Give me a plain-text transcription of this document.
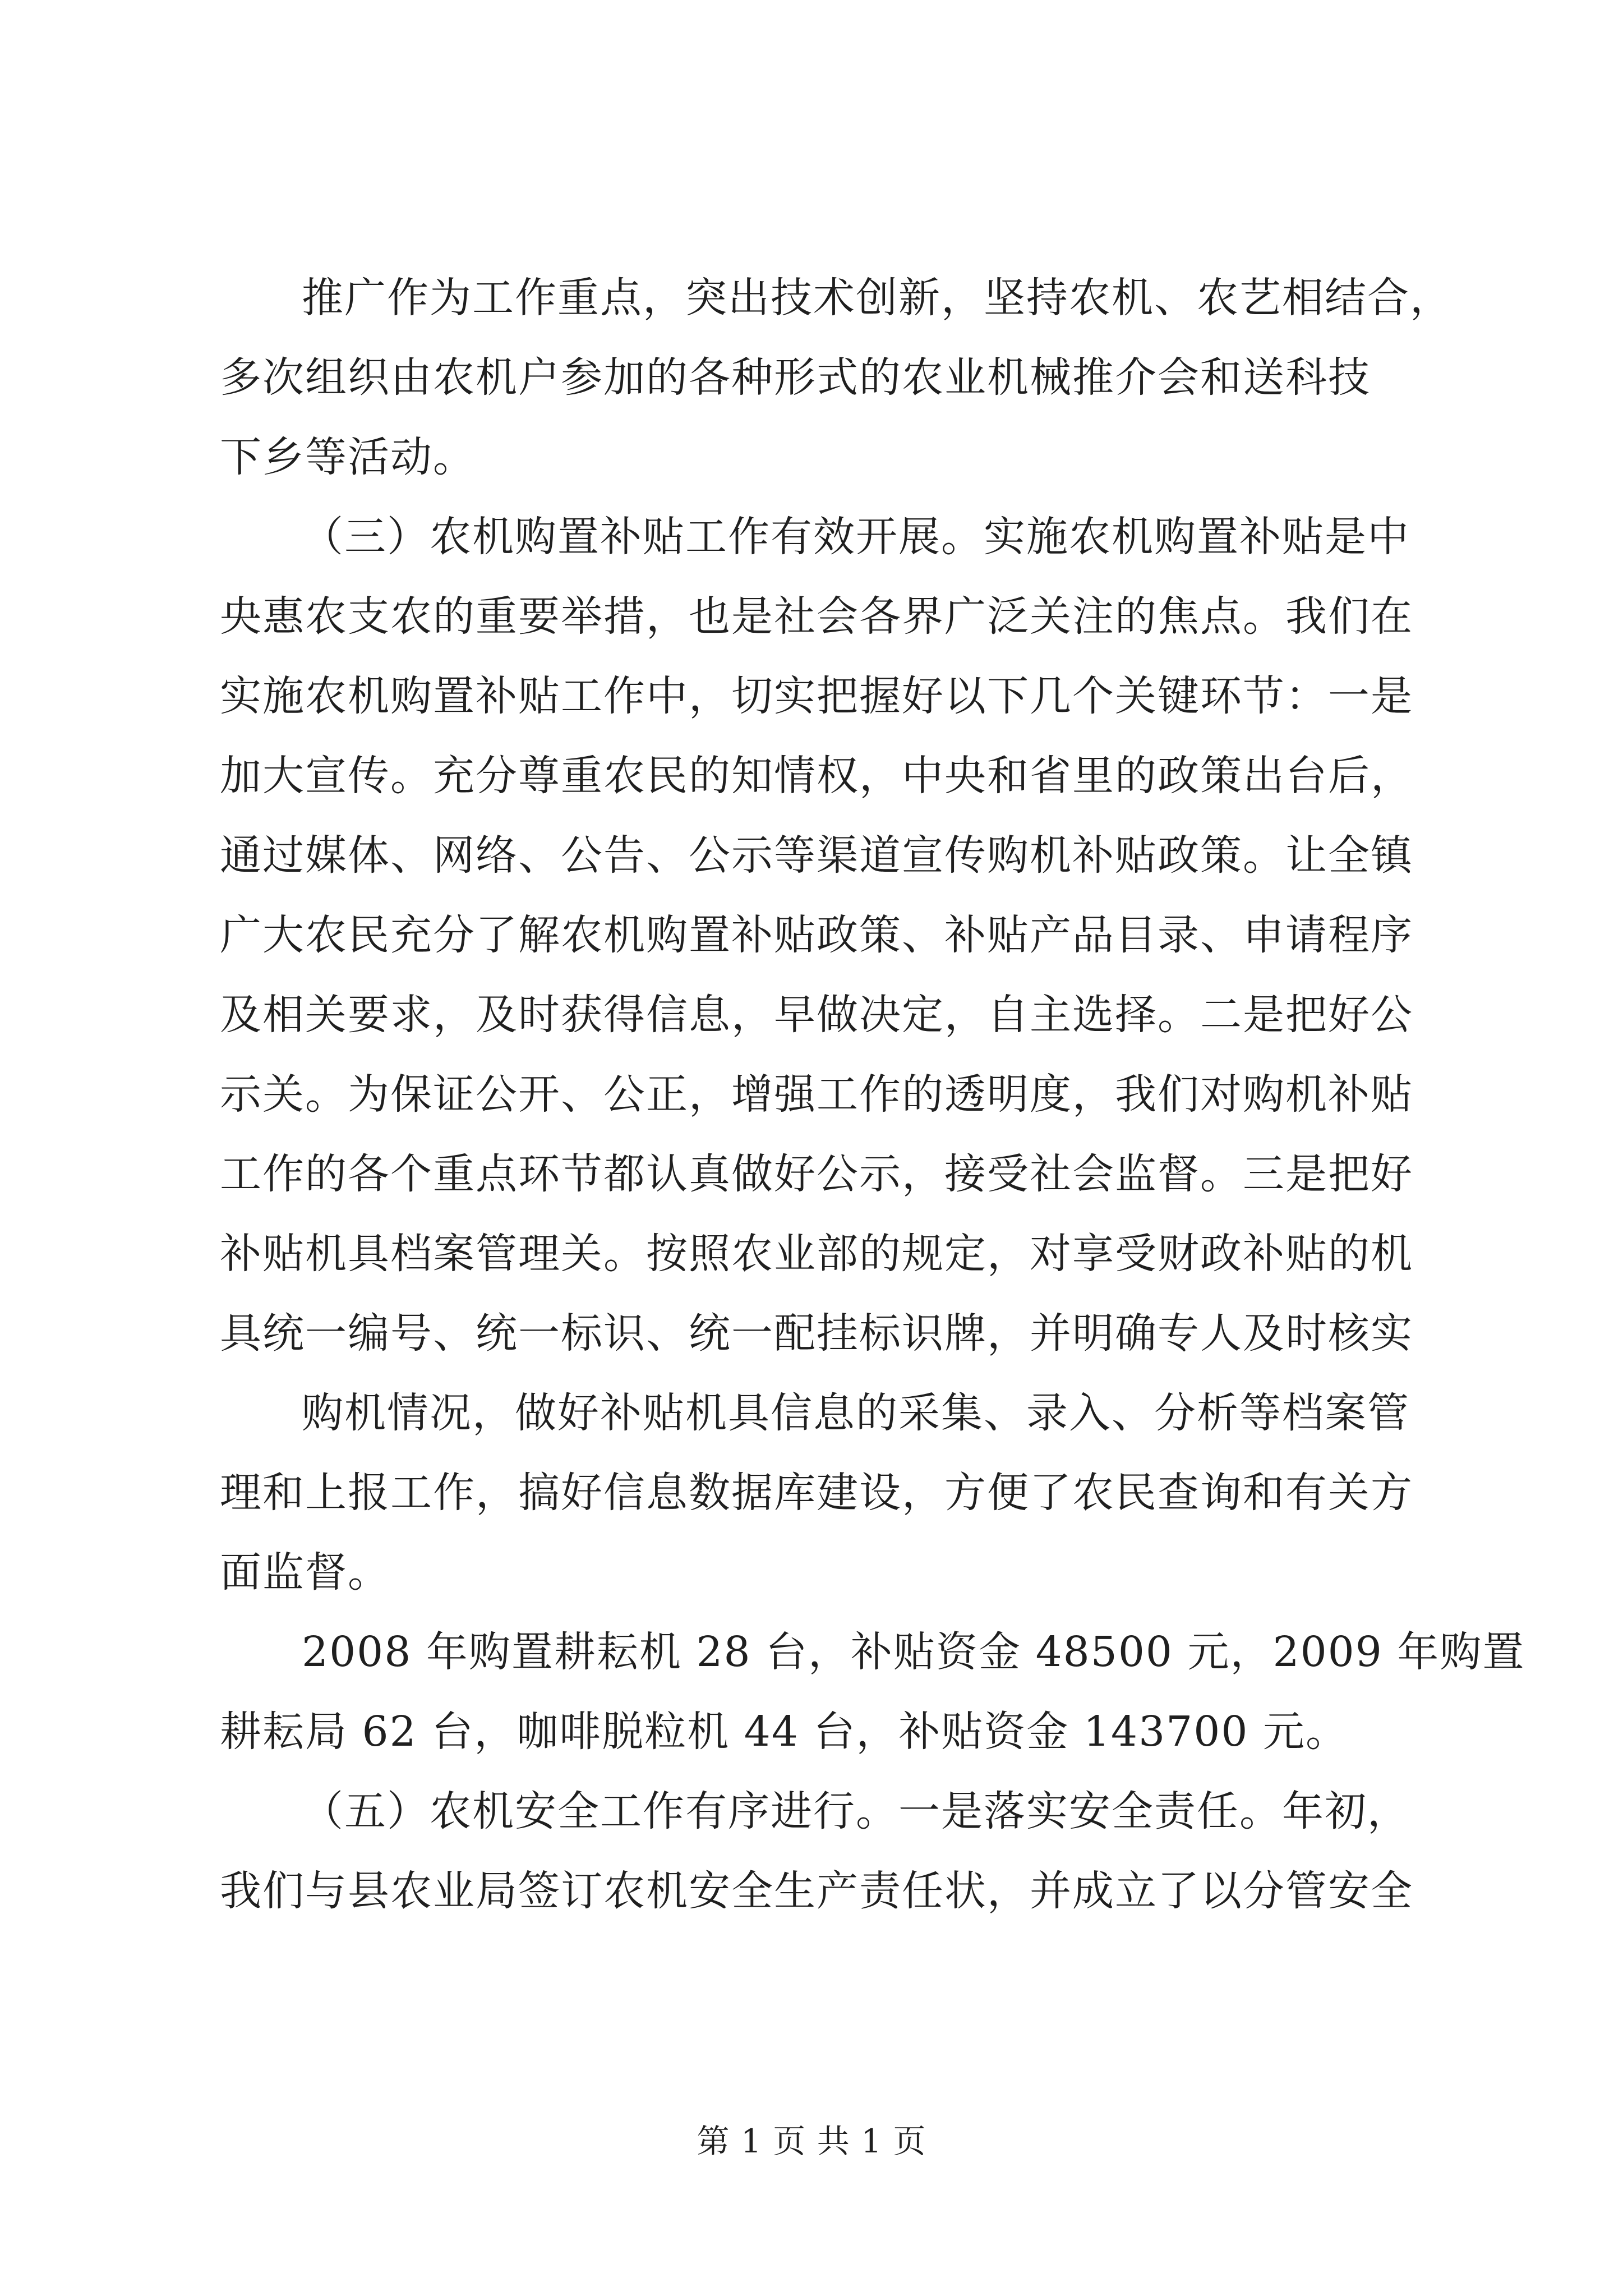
推广作为工作重点，突出技术创新，坚持农机、农艺相结合，
多次组织由农机户参加的各种形式的农业机械推介会和送科技
下乡等活动。
（三）农机购置补贴工作有效开展。实施农机购置补贴是中
央惠农支农的重要举措，也是社会各界广泛关注的焦点。我们在
实施农机购置补贴工作中，切实把握好以下几个关键环节：一是
加大宣传。充分尊重农民的知情权，中央和省里的政策出台后，
通过媒体、网络、公告、公示等渠道宣传购机补贴政策。让全镇
广大农民充分了解农机购置补贴政策、补贴产品目录、申请程序
及相关要求，及时获得信息，早做决定，自主选择。二是把好公
示关。为保证公开、公正，增强工作的透明度，我们对购机补贴
工作的各个重点环节都认真做好公示，接受社会监督。三是把好
补贴机具档案管理关。按照农业部的规定，对享受财政补贴的机
具统一编号、统一标识、统一配挂标识牌，并明确专人及时核实
购机情况，做好补贴机具信息的采集、录入、分析等档案管
理和上报工作，搞好信息数据库建设，方便了农民查询和有关方
面监督。
2008 年购置耕耘机 28 台，补贴资金 48500 元，2009 年购置
耕耘局 62 台，咖啡脱粒机 44 台，补贴资金 143700 元。
（五）农机安全工作有序进行。一是落实安全责任。年初，
我们与县农业局签订农机安全生产责任状，并成立了以分管安全
第 1 页 共 1 页
